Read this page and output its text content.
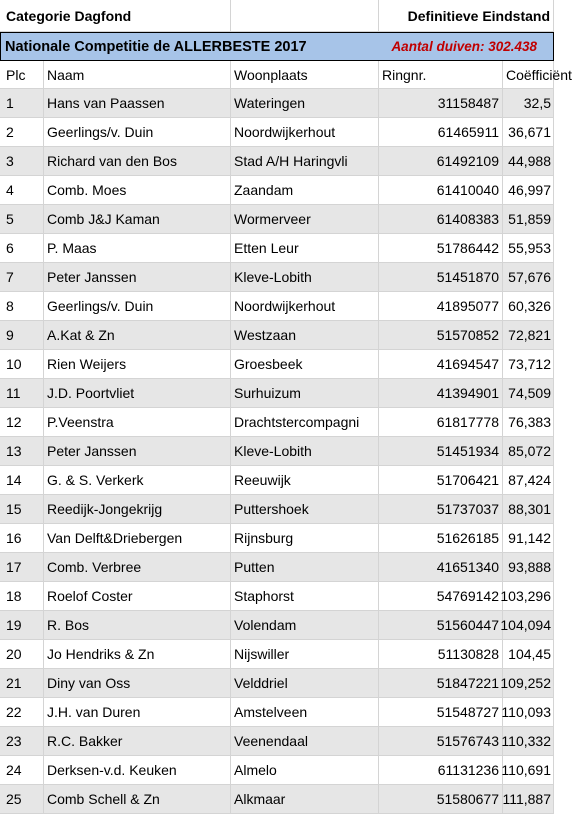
Categorie Dagfond	Definitieve Eindstand
Nationale Competitie de ALLERBESTE 2017	Aantal duiven: 302.438
Plc	Naam	Woonplaats	Ringnr.	Coëfficiënt
1	Hans van Paassen	Wateringen	31158487	32,5
2	Geerlings/v. Duin	Noordwijkerhout	61465911 36,671
3	Richard van den Bos	Stad A/H Haringvli	61492109 44,988
4	Comb. Moes	Zaandam	61410040 46,997
5	Comb J&J Kaman	Wormerveer	61408383 51,859
6	P. Maas	Etten Leur	51786442 55,953
7	Peter Janssen	Kleve-Lobith	51451870 57,676
8	Geerlings/v. Duin	Noordwijkerhout	41895077 60,326
9	A.Kat & Zn	Westzaan	51570852 72,821
10	Rien Weijers	Groesbeek	41694547 73,712
11	J.D. Poortvliet	Surhuizum	41394901 74,509
12	P.Veenstra	Drachtstercompagni	61817778 76,383
13	Peter Janssen	Kleve-Lobith	51451934 85,072
14	G. & S. Verkerk	Reeuwijk	51706421 87,424
15	Reedijk-Jongekrijg	Puttershoek	51737037 88,301
16	Van Delft&Driebergen	Rijnsburg	51626185 91,142
17	Comb. Verbree	Putten	41651340 93,888
18	Roelof Coster	Staphorst	54769142 103,296
19	R. Bos	Volendam	51560447 104,094
20	Jo Hendriks & Zn	Nijswiller	51130828 104,45
21	Diny van Oss	Velddriel	51847221 109,252
22	J.H. van Duren	Amstelveen	51548727 110,093
23	R.C. Bakker	Veenendaal	51576743 110,332
24	Derksen-v.d. Keuken	Almelo	61131236 110,691
25	Comb Schell & Zn	Alkmaar	51580677 111,887
